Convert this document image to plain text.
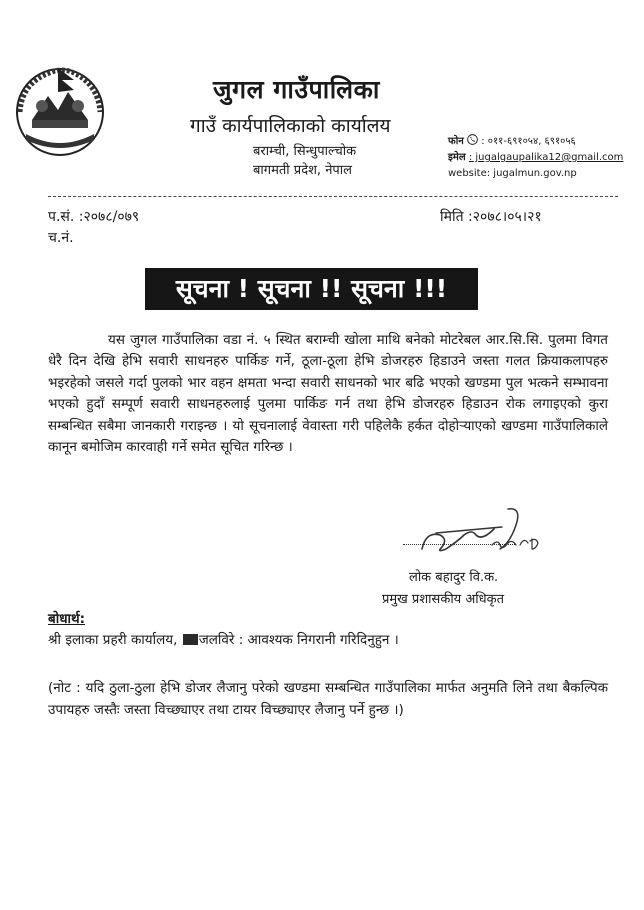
जुगल गाउँपालिका
गाउँ कार्यपालिकाको कार्यालय
बराम्ची, सिन्धुपाल्चोक
बागमती प्रदेश, नेपाल
फोन : ०११-६९१०५४, ६९१०५६
इमेल : jugalgaupalika12@gmail.com
website: jugalmun.gov.np
प.सं. :२०७८/०७९
च.नं.
मिति :२०७८।०५।२१
सूचना ! सूचना !! सूचना !!!
यस जुगल गाउँपालिका वडा नं. ५ स्थित बराम्ची खोला माथि बनेको मोटरेबल आर.सि.सि. पुलमा विगत धेरै दिन देखि हेभि सवारी साधनहरु पार्किङ गर्ने, ठूला-ठूला हेभि डोजरहरु हिडाउने जस्ता गलत क्रियाकलापहरु भइरहेको जसले गर्दा पुलको भार वहन क्षमता भन्दा सवारी साधनको भार बढि भएको खण्डमा पुल भत्कने सम्भावना भएको हुदाँ सम्पूर्ण सवारी साधनहरुलाई पुलमा पार्किङ गर्न तथा हेभि डोजरहरु हिडाउन रोक लगाइएको कुरा सम्बन्धित सबैमा जानकारी गराइन्छ । यो सूचनालाई वेवास्ता गरी पहिलेकै हर्कत दोहोऱ्याएको खण्डमा गाउँपालिकाले कानून बमोजिम कारवाही गर्ने समेत सूचित गरिन्छ ।
लोक बहादुर वि.क.
प्रमुख प्रशासकीय अधिकृत
बोधार्थ:
श्री इलाका प्रहरी कार्यालय, जलविरे : आवश्यक निगरानी गरिदिनुहुन ।
(नोट : यदि ठुला-ठुला हेभि डोजर लैजानु परेको खण्डमा सम्बन्धित गाउँपालिका मार्फत अनुमति लिने तथा बैकल्पिक उपायहरु जस्तैः जस्ता विच्छ्याएर तथा टायर विच्छ्याएर लैजानु पर्ने हुन्छ ।)
